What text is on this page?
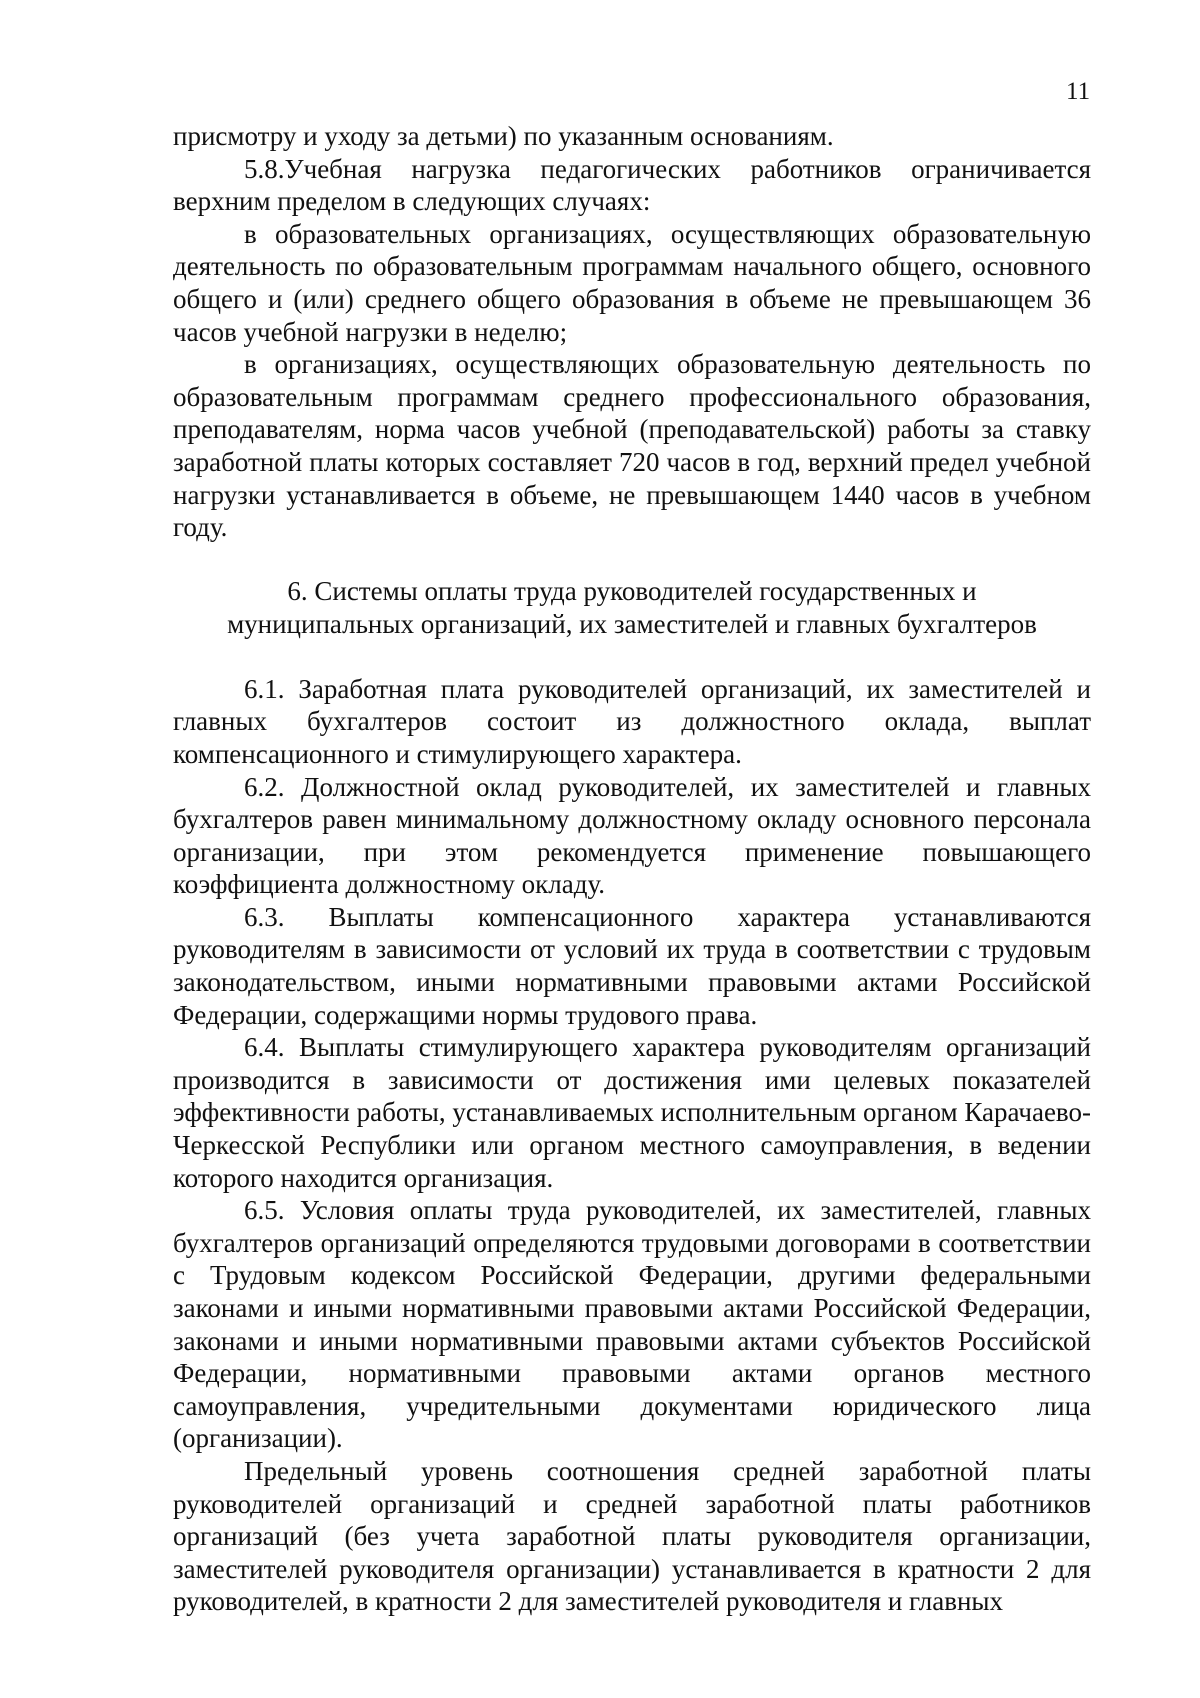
11

присмотру и уходу за детьми) по указанным основаниям.

5.8.Учебная нагрузка педагогических работников ограничивается верхним пределом в следующих случаях:

в образовательных организациях, осуществляющих образовательную деятельность по образовательным программам начального общего, основного общего и (или) среднего общего образования в объеме не превышающем 36 часов учебной нагрузки в неделю;

в организациях, осуществляющих образовательную деятельность по образовательным программам среднего профессионального образования, преподавателям, норма часов учебной (преподавательской) работы за ставку заработной платы которых составляет 720 часов в год, верхний предел учебной нагрузки устанавливается в объеме, не превышающем 1440 часов в учебном году.

6. Системы оплаты труда руководителей государственных и
муниципальных организаций, их заместителей и главных бухгалтеров

6.1. Заработная плата руководителей организаций, их заместителей и главных бухгалтеров состоит из должностного оклада, выплат компенсационного и стимулирующего характера.

6.2. Должностной оклад руководителей, их заместителей и главных бухгалтеров равен минимальному должностному окладу основного персонала организации, при этом рекомендуется применение повышающего коэффициента должностному окладу.

6.3. Выплаты компенсационного характера устанавливаются руководителям в зависимости от условий их труда в соответствии с трудовым законодательством, иными нормативными правовыми актами Российской Федерации, содержащими нормы трудового права.

6.4. Выплаты стимулирующего характера руководителям организаций производится в зависимости от достижения ими целевых показателей эффективности работы, устанавливаемых исполнительным органом Карачаево-Черкесской Республики или органом местного самоуправления, в ведении которого находится организация.

6.5. Условия оплаты труда руководителей, их заместителей, главных бухгалтеров организаций определяются трудовыми договорами в соответствии с Трудовым кодексом Российской Федерации, другими федеральными законами и иными нормативными правовыми актами Российской Федерации, законами и иными нормативными правовыми актами субъектов Российской Федерации, нормативными правовыми актами органов местного самоуправления, учредительными документами юридического лица (организации).

Предельный уровень соотношения средней заработной платы руководителей организаций и средней заработной платы работников организаций (без учета заработной платы руководителя организации, заместителей руководителя организации) устанавливается в кратности 2 для руководителей, в кратности 2 для заместителей руководителя и главных
